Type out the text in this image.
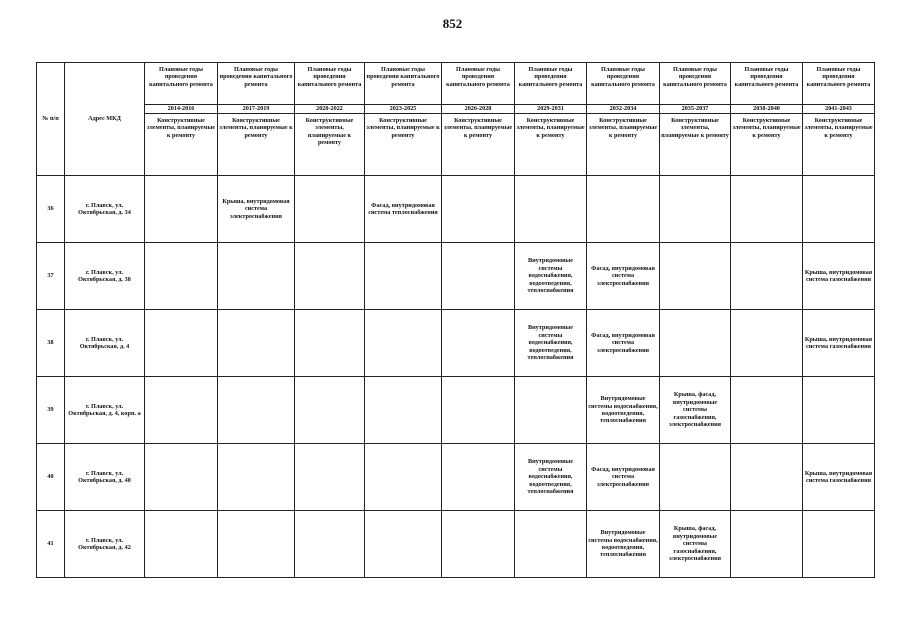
852
№ п/п	Адрес МКД	Плановые годы проведения капитального ремонта	Плановые годы проведения капитального ремонта	Плановые годы проведения капитального ремонта	Плановые годы проведения капитального ремонта	Плановые годы проведения капитального ремонта	Плановые годы проведения капитального ремонта	Плановые годы проведения капитального ремонта	Плановые годы проведения капитального ремонта	Плановые годы проведения капитального ремонта	Плановые годы проведения капитального ремонта
		2014-2016	2017-2019	2020-2022	2023-2025	2026-2028	2029-2031	2032-2034	2035-2037	2038-2040	2041-2043
		Конструктивные элементы, планируемые к ремонту	Конструктивные элементы, планируемые к ремонту	Конструктивные элементы, планируемые к ремонту	Конструктивные элементы, планируемые к ремонту	Конструктивные элементы, планируемые к ремонту	Конструктивные элементы, планируемые к ремонту	Конструктивные элементы, планируемые к ремонту	Конструктивные элементы, планируемые к ремонту	Конструктивные элементы, планируемые к ремонту	Конструктивные элементы, планируемые к ремонту
36	г. Плавск, ул. Октябрьская, д. 34		Крыша, внутридомовая система электроснабжения		Фасад, внутридомовая система теплоснабжения						
37	г. Плавск, ул. Октябрьская, д. 38						Внутридомовые системы водоснабжения, водоотведения, теплоснабжения	Фасад, внутридомовая система электроснабжения			Крыша, внутридомовая система газоснабжения
38	г. Плавск, ул. Октябрьская, д. 4						Внутридомовые системы водоснабжения, водоотведения, теплоснабжения	Фасад, внутридомовая система электроснабжения			Крыша, внутридомовая система газоснабжения
39	г. Плавск, ул. Октябрьская, д. 4, корп. а							Внутридомовые системы водоснабжения, водоотведения, теплоснабжения	Крыша, фасад, внутридомовые системы газоснабжения, электроснабжения		
40	г. Плавск, ул. Октябрьская, д. 40						Внутридомовые системы водоснабжения, водоотведения, теплоснабжения	Фасад, внутридомовая система электроснабжения			Крыша, внутридомовая система газоснабжения
41	г. Плавск, ул. Октябрьская, д. 42							Внутридомовые системы водоснабжения, водоотведения, теплоснабжения	Крыша, фасад, внутридомовые системы газоснабжения, электроснабжения		
